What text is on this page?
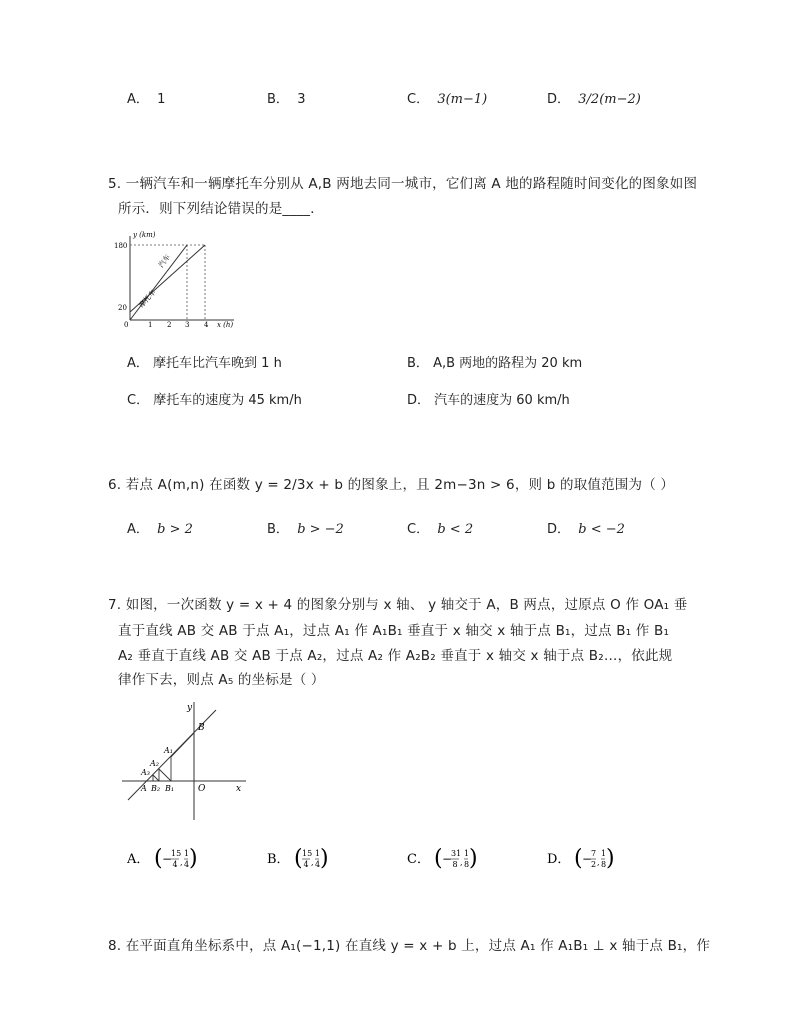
A． 1	B． 3	C． 3(m−1)	D． 3/2(m−2)
5. 一辆汽车和一辆摩托车分别从 A,B 两地去同一城市，它们离 A 地的路程随时间变化的图象如图
所示．则下列结论错误的是____．
y (km)
x (h)
180
20
0	1 2 3 4
汽车
摩托车
A． 摩托车比汽车晚到 1 h	B． A,B 两地的路程为 20 km
C． 摩托车的速度为 45 km/h	D． 汽车的速度为 60 km/h
6. 若点 A(m,n) 在函数 y = 2/3x + b 的图象上，且 2m−3n > 6，则 b 的取值范围为（ ）
A． b > 2	B． b > −2	C． b < 2	D． b < −2
7. 如图，一次函数 y = x + 4 的图象分别与 x 轴、 y 轴交于 A，B 两点，过原点 O 作 OA₁ 垂
直于直线 AB 交 AB 于点 A₁，过点 A₁ 作 A₁B₁ 垂直于 x 轴交 x 轴于点 B₁，过点 B₁ 作 B₁
A₂ 垂直于直线 AB 交 AB 于点 A₂，过点 A₂ 作 A₂B₂ 垂直于 x 轴交 x 轴于点 B₂…，依此规
律作下去，则点 A₅ 的坐标是（ ）
y
x
O
B
A
A₁
A₂
A₃
B₂ B₁
A． ( −
15
4 ,
1
4 )	B． ( 15
4 ,
1
4 )	C． ( −
31
8 ,
1
8 )	D． ( −
7
2 ,
1
8 )
8. 在平面直角坐标系中，点 A₁(−1,1) 在直线 y = x + b 上，过点 A₁ 作 A₁B₁ ⊥ x 轴于点 B₁，作
